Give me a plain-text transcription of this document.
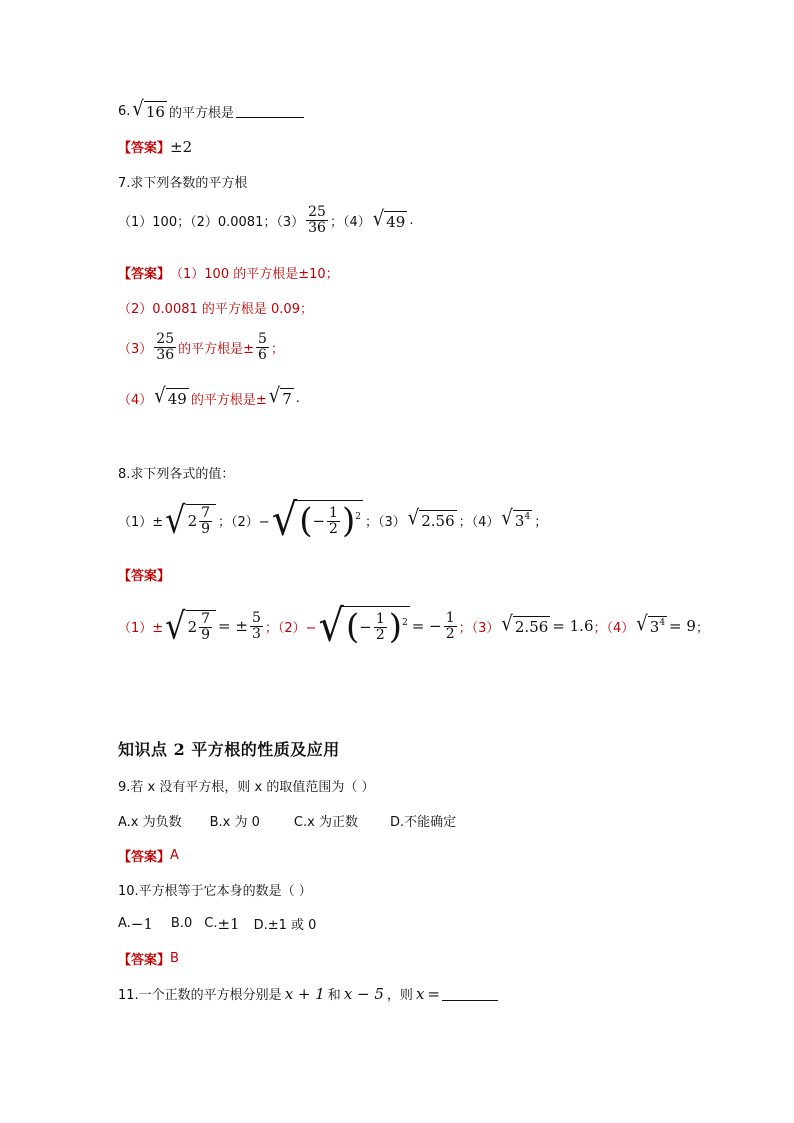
6. √ 16 的平方根是
【答案】 ±2
7.求下列各数的平方根
（1）100；（2）0.0081；$(3) \frac{25}{36}$ ；（4） √ 49 .
【答案】 （1）100 的平方根是±10；
（2）0.0081 的平方根是 0.09；
$(3) \frac{25}{36}$ 的平方根是± $\frac{5}{6}$ ；
（4） √ 49 的平方根是± √ 7 .
8.求下列各式的值：
（1）± √ $2 \frac{7}{9}$ ；（2）− √ ( − $\frac{1}{2}$ ) 2 ；（3） √ 2.56 ；（4） √ 3 4 ；
【答案】
（1）± √ $2 \frac{7}{9}$ = ± $\frac{5}{3}$ ；（2）− √ ( − $\frac{1}{2}$ ) 2 = − $\frac{1}{2}$ ；（3） √ 2.56 = 1.6 ；（4） √ 3 4 = 9 ；
知识点 2 平方根的性质及应用
9.若 x 没有平方根，则 x 的取值范围为（ ）
A.x 为负数 B.x 为 0	C.x 为正数 D.不能确定
【答案】 A
10.平方根等于它本身的数是（ ）
A. −1 B.0 C. ±1 D.±1 或 0
【答案】 B
11.一个正数的平方根分别是 x + 1 和 x − 5 ，则 x =
